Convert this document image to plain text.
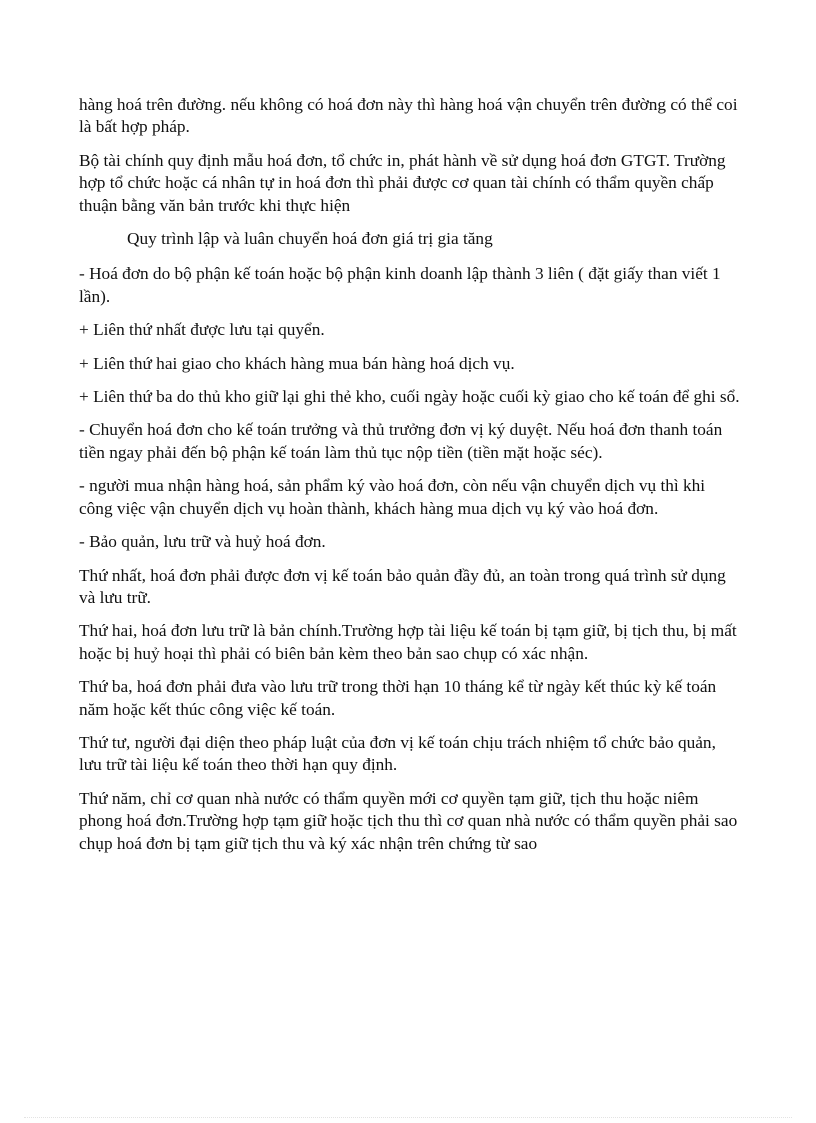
hàng hoá trên đường. nếu không có hoá đơn này thì hàng hoá vận chuyển trên đường có thể coi là bất hợp pháp.

Bộ tài chính quy định mẫu hoá đơn, tổ chức in, phát hành về sử dụng hoá đơn GTGT. Trường hợp tổ chức hoặc cá nhân tự in hoá đơn thì phải được cơ quan tài chính có thẩm quyền chấp thuận bằng văn bản trước khi thực hiện

Quy trình lập và luân chuyển hoá đơn giá trị gia tăng

- Hoá đơn do bộ phận kế toán hoặc bộ phận kinh doanh lập thành 3 liên ( đặt giấy than viết 1 lần).

+ Liên thứ nhất được lưu tại quyển.

+ Liên thứ hai giao cho khách hàng mua bán hàng hoá dịch vụ.

+ Liên thứ ba do thủ kho giữ lại ghi thẻ kho, cuối ngày hoặc cuối kỳ giao cho kế toán để ghi sổ.

- Chuyển hoá đơn cho kế toán trưởng và thủ trưởng đơn vị ký duyệt. Nếu hoá đơn thanh toán tiền ngay phải đến bộ phận kế toán làm thủ tục nộp tiền (tiền mặt hoặc séc).

- người mua nhận hàng hoá, sản phẩm ký vào hoá đơn, còn nếu vận chuyển dịch vụ thì khi công việc vận chuyển dịch vụ hoàn thành, khách hàng mua dịch vụ ký vào hoá đơn.

- Bảo quản, lưu trữ và huỷ hoá đơn.

Thứ nhất, hoá đơn phải được đơn vị kế toán bảo quản đầy đủ, an toàn trong quá trình sử dụng và lưu trữ.

Thứ hai, hoá đơn lưu trữ là bản chính.Trường hợp tài liệu kế toán bị tạm giữ, bị tịch thu, bị mất hoặc bị huỷ hoại thì phải có biên bản kèm theo bản sao chụp có xác nhận.

Thứ ba, hoá đơn phải đưa vào lưu trữ trong thời hạn 10 tháng kể từ ngày kết thúc kỳ kế toán năm hoặc kết thúc công việc kế toán.

Thứ tư, người đại diện theo pháp luật của đơn vị kế toán chịu trách nhiệm tổ chức bảo quản, lưu trữ tài liệu kế toán theo thời hạn quy định.

Thứ năm, chỉ cơ quan nhà nước có thẩm quyền mới cơ quyền tạm giữ, tịch thu hoặc niêm phong hoá đơn.Trường hợp tạm giữ hoặc tịch thu thì cơ quan nhà nước có thẩm quyền phải sao chụp hoá đơn bị tạm giữ tịch thu và ký xác nhận trên chứng từ sao
